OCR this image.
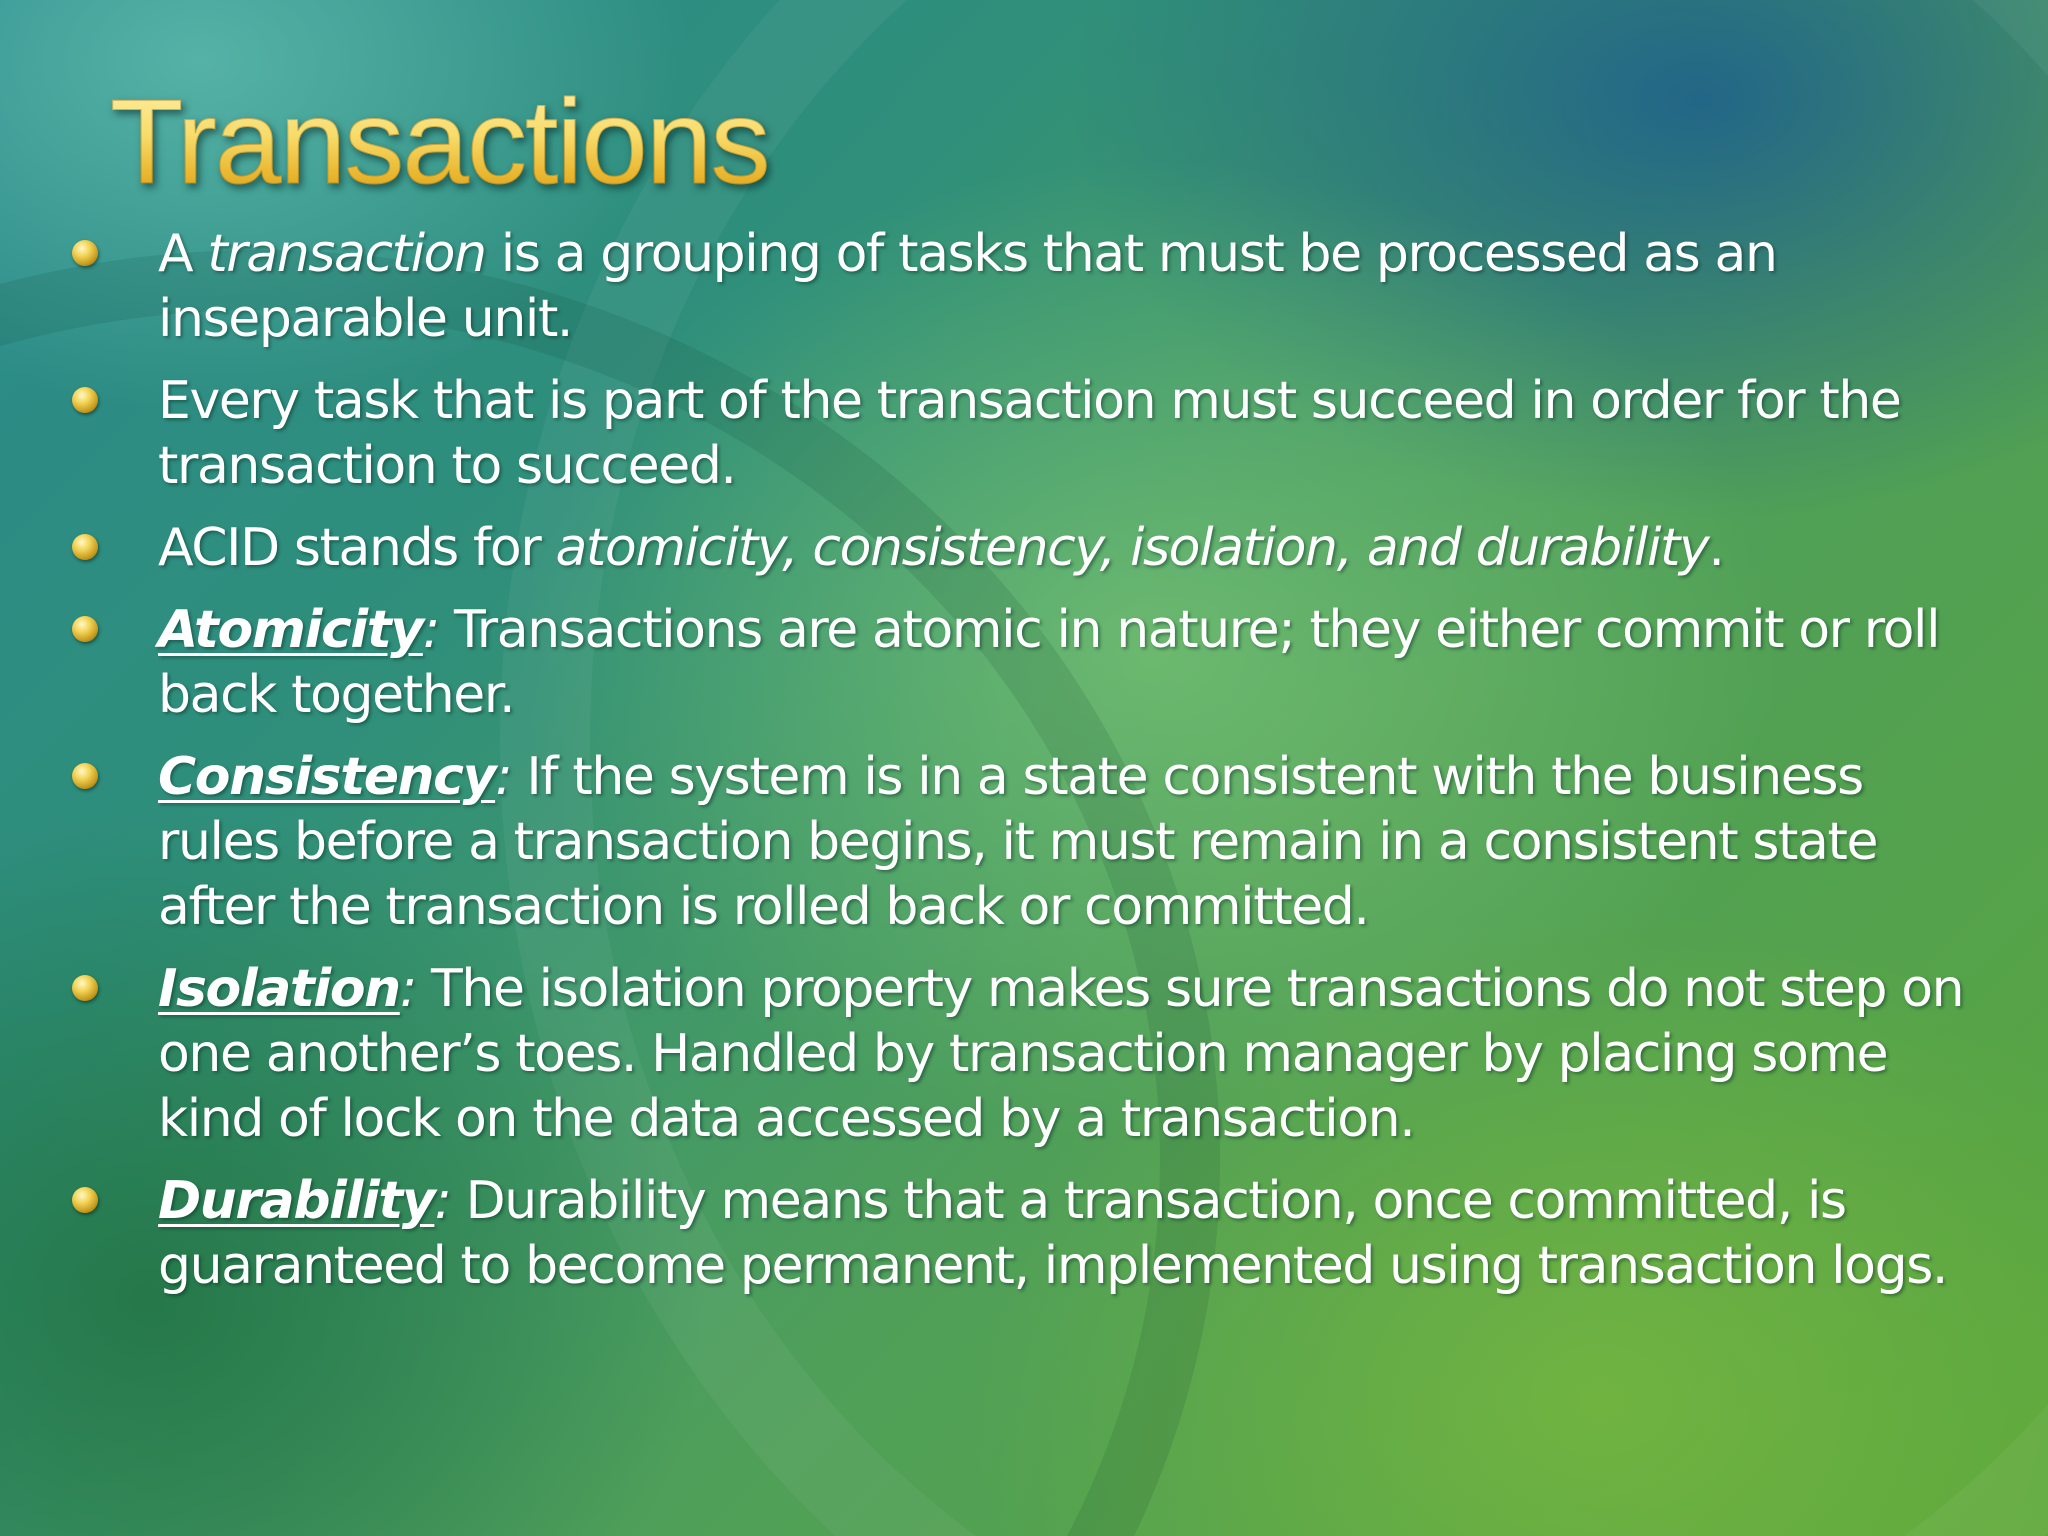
Transactions
A transaction is a grouping of tasks that must be processed as an inseparable unit.
Every task that is part of the transaction must succeed in order for the transaction to succeed.
ACID stands for atomicity, consistency, isolation, and durability.
Atomicity: Transactions are atomic in nature; they either commit or roll back together.
Consistency: If the system is in a state consistent with the business rules before a transaction begins, it must remain in a consistent state after the transaction is rolled back or committed.
Isolation: The isolation property makes sure transactions do not step on one another’s toes. Handled by transaction manager by placing some kind of lock on the data accessed by a transaction.
Durability: Durability means that a transaction, once committed, is guaranteed to become permanent, implemented using transaction logs.
